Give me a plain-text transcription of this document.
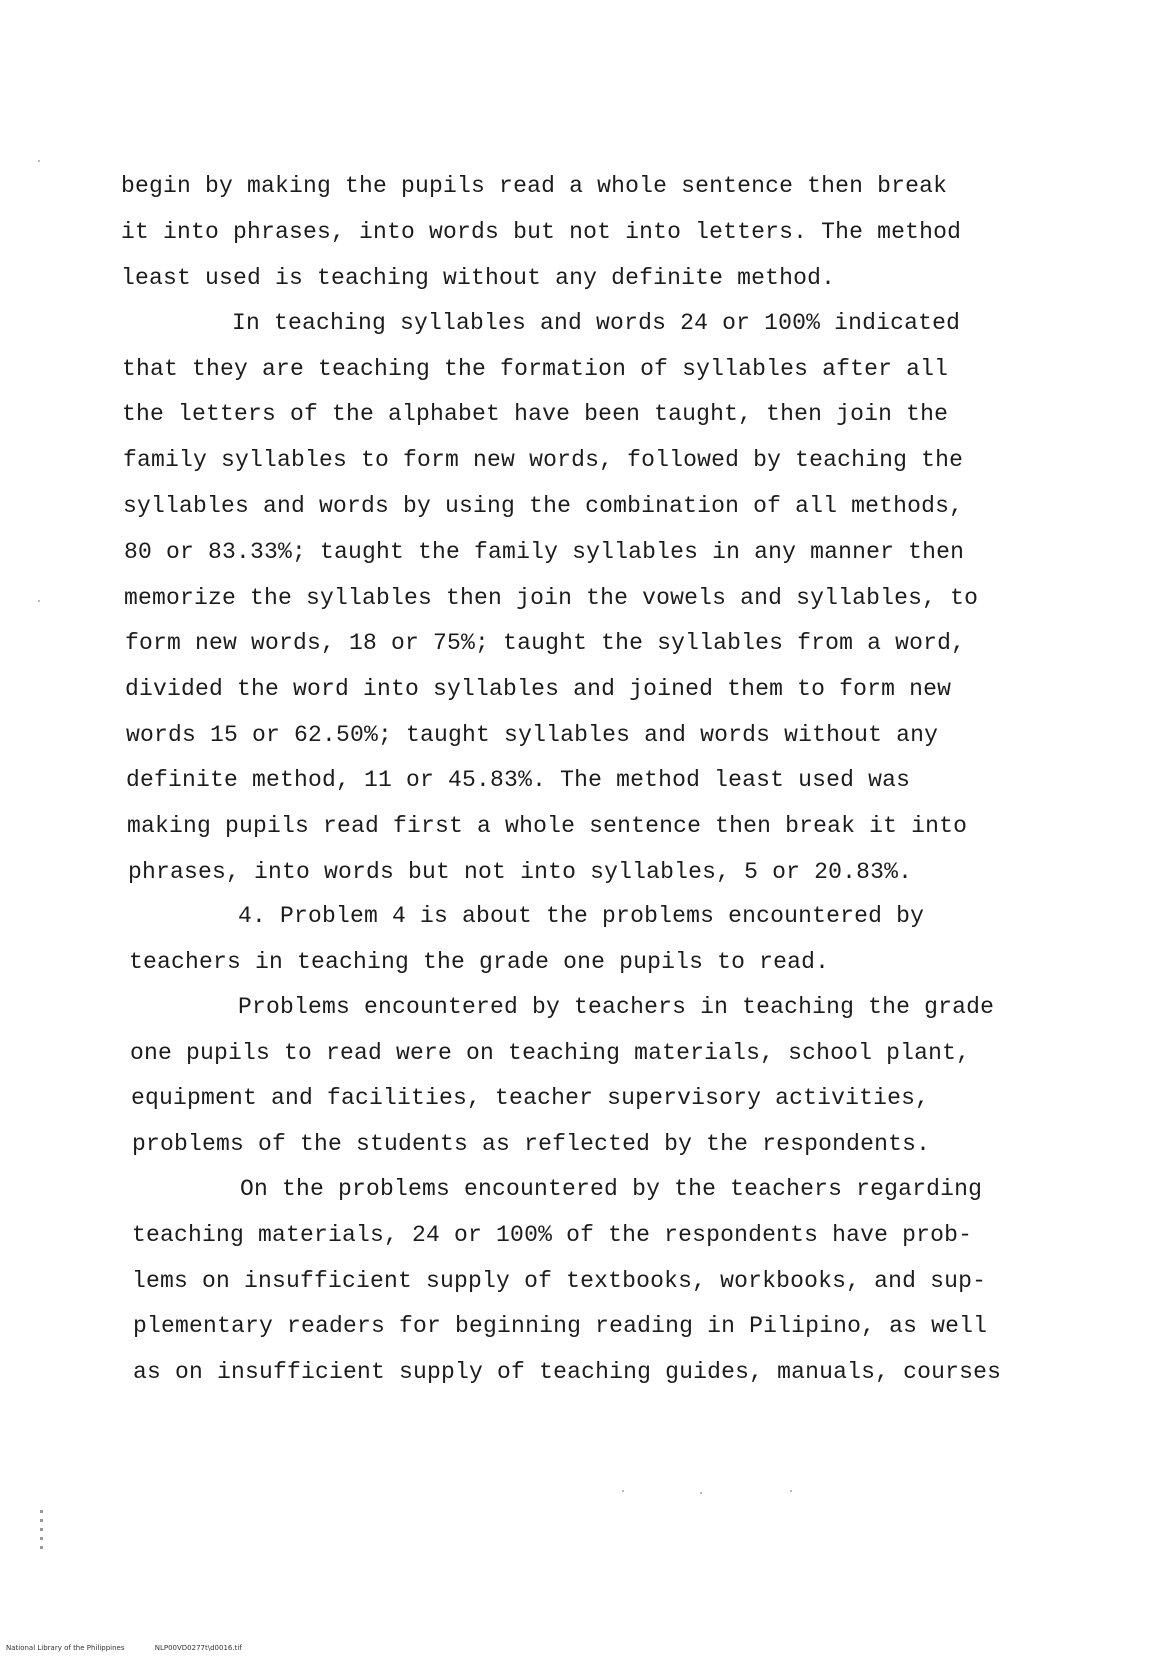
begin by making the pupils read a whole sentence then break
it into phrases, into words but not into letters. The method
least used is teaching without any definite method.
In teaching syllables and words 24 or 100% indicated
that they are teaching the formation of syllables after all
the letters of the alphabet have been taught, then join the
family syllables to form new words, followed by teaching the
syllables and words by using the combination of all methods,
80 or 83.33%; taught the family syllables in any manner then
memorize the syllables then join the vowels and syllables, to
form new words, 18 or 75%; taught the syllables from a word,
divided the word into syllables and joined them to form new
words 15 or 62.50%; taught syllables and words without any
definite method, 11 or 45.83%. The method least used was
making pupils read first a whole sentence then break it into
phrases, into words but not into syllables, 5 or 20.83%.
4. Problem 4 is about the problems encountered by
teachers in teaching the grade one pupils to read.
Problems encountered by teachers in teaching the grade
one pupils to read were on teaching materials, school plant,
equipment and facilities, teacher supervisory activities,
problems of the students as reflected by the respondents.
On the problems encountered by the teachers regarding
teaching materials, 24 or 100% of the respondents have prob-
lems on insufficient supply of textbooks, workbooks, and sup-
plementary readers for beginning reading in Pilipino, as well
as on insufficient supply of teaching guides, manuals, courses
National Library of the Philippines	NLP00VD0277t\d0016.tif
